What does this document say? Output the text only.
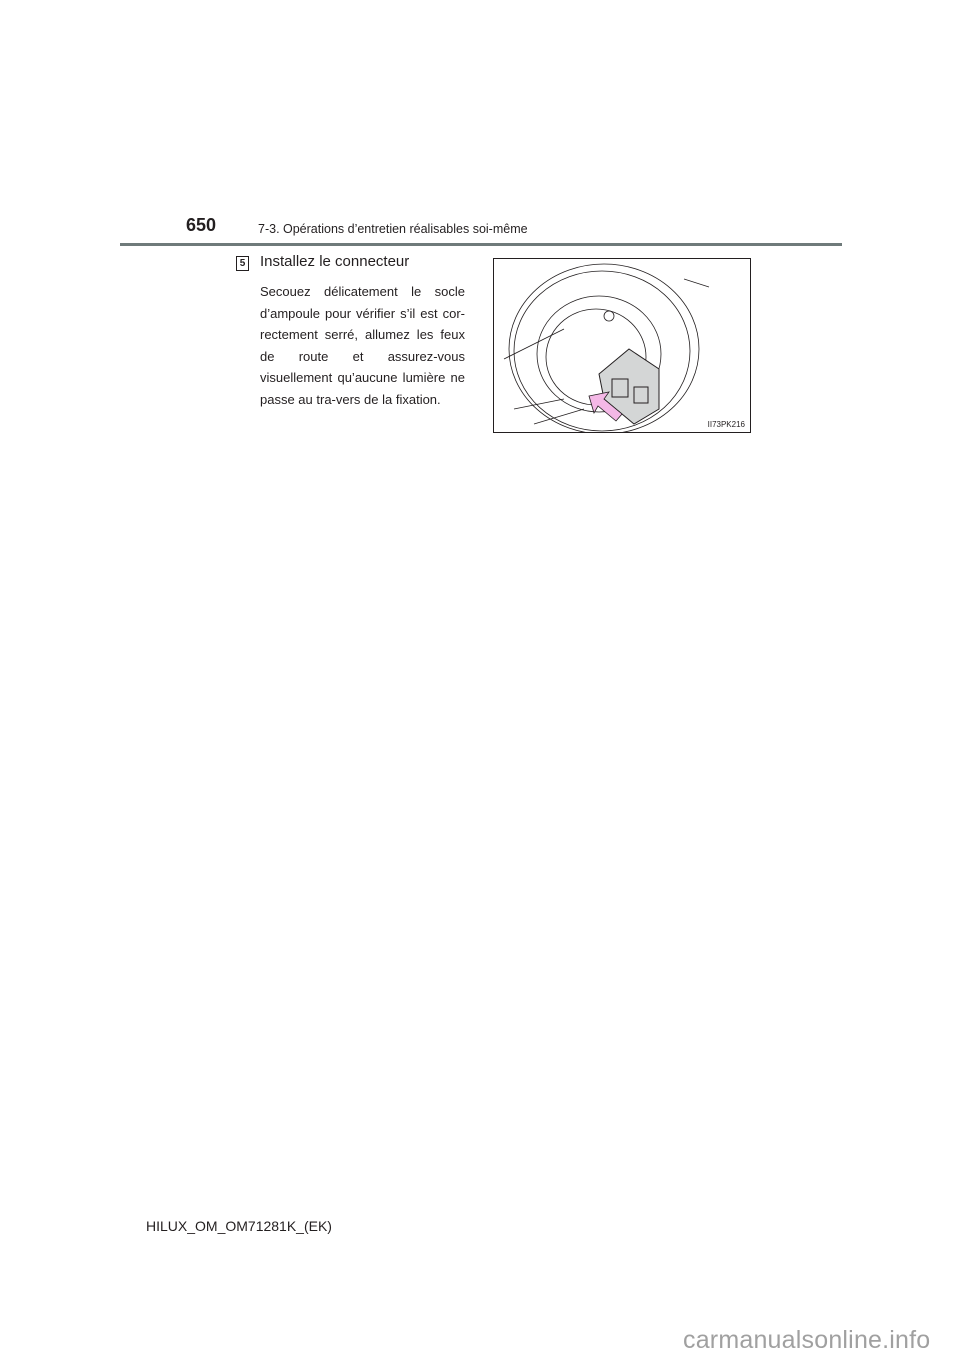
650	7-3. Opérations d’entretien réalisables soi-même
5 Installez le connecteur
Secouez délicatement le socle d’ampoule pour vérifier s’il est cor-rectement serré, allumez les feux de route et assurez-vous visuellement qu’aucune lumière ne passe au tra-vers de la fixation.
II73PK216
HILUX_OM_OM71281K_(EK)
carmanualsonline.info
